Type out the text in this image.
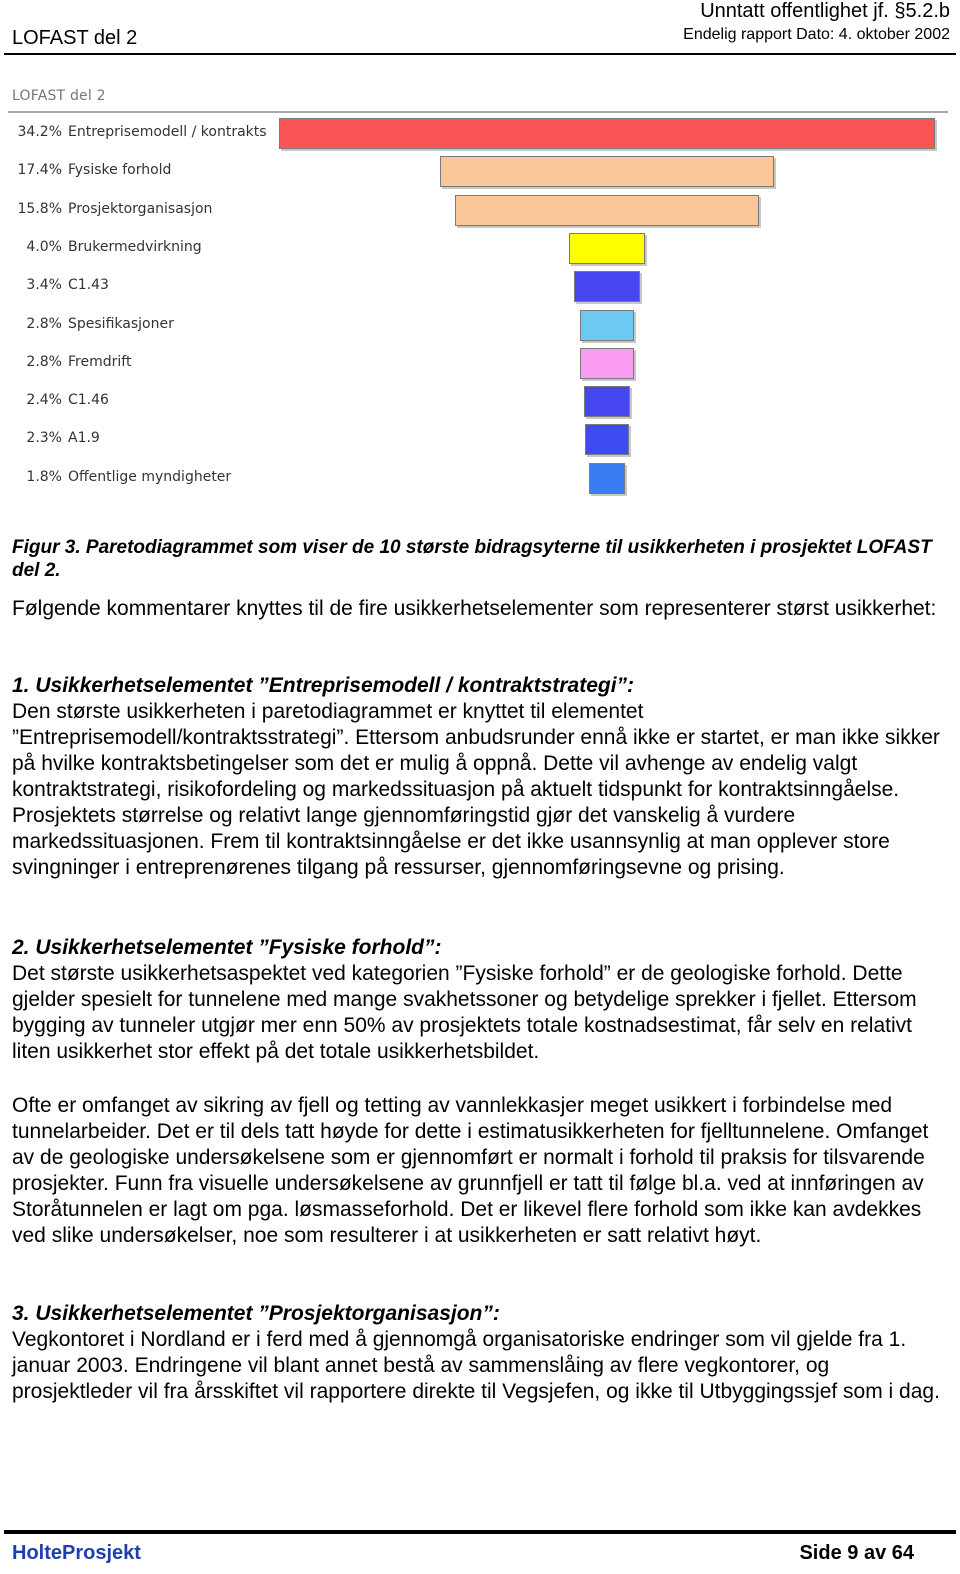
LOFAST del 2
Unntatt offentlighet jf. §5.2.b
Endelig rapport Dato: 4. oktober 2002
LOFAST del 2
34.2% Entreprisemodell / kontrakts
17.4% Fysiske forhold
15.8% Prosjektorganisasjon
4.0% Brukermedvirkning
3.4% C1.43
2.8% Spesifikasjoner
2.8% Fremdrift
2.4% C1.46
2.3% A1.9
1.8% Offentlige myndigheter
Figur 3. Paretodiagrammet som viser de 10 største bidragsyterne til usikkerheten i prosjektet LOFAST del 2.

Følgende kommentarer knyttes til de fire usikkerhetselementer som representerer størst usikkerhet:

1. Usikkerhetselementet ”Entreprisemodell / kontraktstrategi”:
Den største usikkerheten i paretodiagrammet er knyttet til elementet ”Entreprisemodell/kontraktsstrategi”. Ettersom anbudsrunder ennå ikke er startet, er man ikke sikker på hvilke kontraktsbetingelser som det er mulig å oppnå. Dette vil avhenge av endelig valgt kontraktstrategi, risikofordeling og markedssituasjon på aktuelt tidspunkt for kontraktsinngåelse. Prosjektets størrelse og relativt lange gjennomføringstid gjør det vanskelig å vurdere markedssituasjonen. Frem til kontraktsinngåelse er det ikke usannsynlig at man opplever store svingninger i entreprenørenes tilgang på ressurser, gjennomføringsevne og prising.
2. Usikkerhetselementet ”Fysiske forhold”:
Det største usikkerhetsaspektet ved kategorien ”Fysiske forhold” er de geologiske forhold. Dette gjelder spesielt for tunnelene med mange svakhetssoner og betydelige sprekker i fjellet. Ettersom bygging av tunneler utgjør mer enn 50% av prosjektets totale kostnadsestimat, får selv en relativt liten usikkerhet stor effekt på det totale usikkerhetsbildet.

Ofte er omfanget av sikring av fjell og tetting av vannlekkasjer meget usikkert i forbindelse med tunnelarbeider. Det er til dels tatt høyde for dette i estimatusikkerheten for fjelltunnelene. Omfanget av de geologiske undersøkelsene som er gjennomført er normalt i forhold til praksis for tilsvarende prosjekter. Funn fra visuelle undersøkelsene av grunnfjell er tatt til følge bl.a. ved at innføringen av Storåtunnelen er lagt om pga. løsmasseforhold. Det er likevel flere forhold som ikke kan avdekkes ved slike undersøkelser, noe som resulterer i at usikkerheten er satt relativt høyt.

3. Usikkerhetselementet ”Prosjektorganisasjon”:
Vegkontoret i Nordland er i ferd med å gjennomgå organisatoriske endringer som vil gjelde fra 1. januar 2003. Endringene vil blant annet bestå av sammenslåing av flere vegkontorer, og prosjektleder vil fra årsskiftet vil rapportere direkte til Vegsjefen, og ikke til Utbyggingssjef som i dag.
HolteProsjekt	Side 9 av 64
